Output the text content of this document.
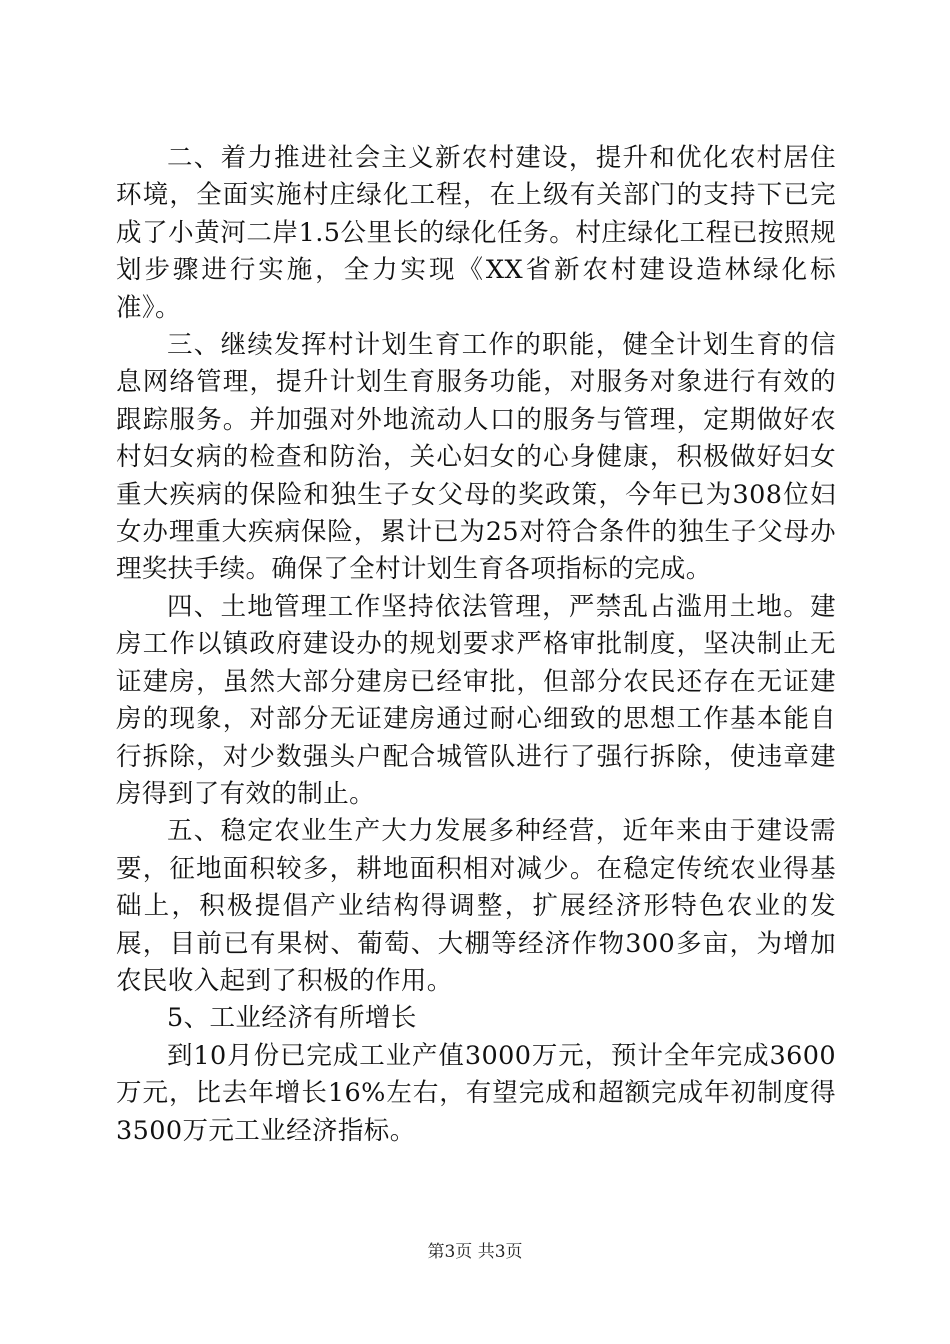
二、着力推进社会主义新农村建设，提升和优化农村居住环境，全面实施村庄绿化工程，在上级有关部门的支持下已完成了小黄河二岸1.5公里长的绿化任务。村庄绿化工程已按照规划步骤进行实施，全力实现《XX省新农村建设造林绿化标准》。

三、继续发挥村计划生育工作的职能，健全计划生育的信息网络管理，提升计划生育服务功能，对服务对象进行有效的跟踪服务。并加强对外地流动人口的服务与管理，定期做好农村妇女病的检查和防治，关心妇女的心身健康，积极做好妇女重大疾病的保险和独生子女父母的奖政策，今年已为308位妇女办理重大疾病保险，累计已为25对符合条件的独生子父母办理奖扶手续。确保了全村计划生育各项指标的完成。

四、土地管理工作坚持依法管理，严禁乱占滥用土地。建房工作以镇政府建设办的规划要求严格审批制度，坚决制止无证建房，虽然大部分建房已经审批，但部分农民还存在无证建房的现象，对部分无证建房通过耐心细致的思想工作基本能自行拆除，对少数强头户配合城管队进行了强行拆除，使违章建房得到了有效的制止。

五、稳定农业生产大力发展多种经营，近年来由于建设需要，征地面积较多，耕地面积相对减少。在稳定传统农业得基础上，积极提倡产业结构得调整，扩展经济形特色农业的发展，目前已有果树、葡萄、大棚等经济作物300多亩，为增加农民收入起到了积极的作用。

5、工业经济有所增长

到10月份已完成工业产值3000万元，预计全年完成3600万元，比去年增长16%左右，有望完成和超额完成年初制度得3500万元工业经济指标。

第3页 共3页
